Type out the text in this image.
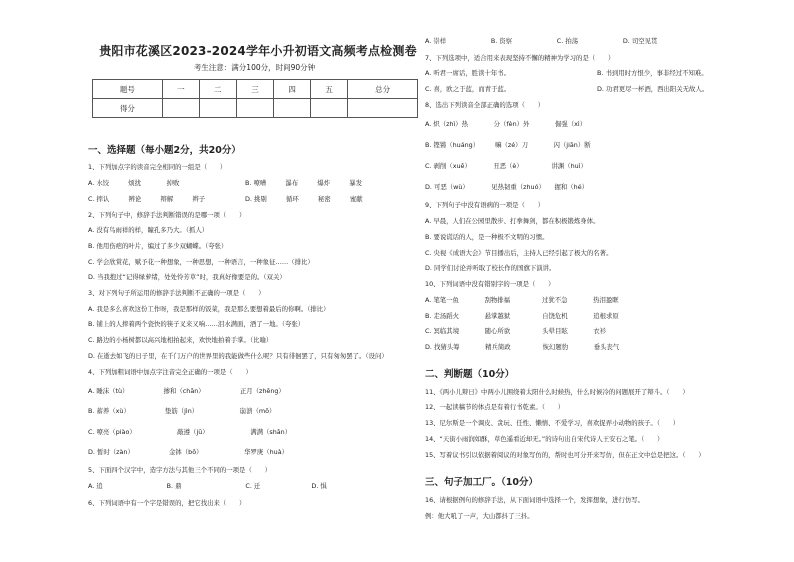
贵阳市花溪区2023-2024学年小升初语文高频考点检测卷
考生注意：满分100分，时间90分钟
题号	一	二	三	四	五	总分
得分						
一、选择题（每小题2分，共20分）
1、下列加点字的读音完全相同的一组是（　　）
A. 水饺　　　烦扰　　　　掉败	B. 嘹嘈　　　瀑布　　　爆炸　　　暴发
C. 摔认　　　辨论　　　辩解　　　辫子	D. 挑剔　　　循环　　　秘密　　　蜜献
2、下列句子中，修辞手法判断错误的是哪一项（　　）
A. 没有鸟雨祥的样，瞳孔多乃大。（抓人）
B. 他用伤疤的叶片，编过了多少双蝴蝶。（夸张）
C. 学会欣赏花，赋予花一种想象，一种思想，一种语言，一种象征……（排比）
D. 当我抱过“记得绿萝绪，处处怜芳草”时，我真好像要是的。（双关）
3、对下列句子所运用的修辞手法判断不正确的一项是（　　）
A. 我是多么喜欢这份工作呀，我是那样的饭菜，我是那么要想着最后的你啊。（排比）
B. 铺上的人摔着两个瓷快的筷子叉来又响……泪水满面，酒了一地。（夸张）
C. 路边的小杨树都以高兴地相拍起来，欢快地拍着手掌。（比喻）
D. 在逝去如飞的日子里，在千门万户的世界里的我能做些什么呢？只有徘徊罢了，只有匆匆罢了。（设问）
4、下列加粗词语中加点字注音完全正确的一项是（　　）
A. 睡沫（tù）　　　　　　掺和（chān）　　　　　　正月（zhēng）
B. 蓄养（xù）　　　　　　垫筋（jìn）　　　　　　　崩溃（mō）
C. 嘹亮（piào）　　　　　　　敲遵（jū）　　　　　　　满满（shān）
D. 暂时（zàn）　　　　　　金钵（bō）　　　　　　　华罗庚（huà）
5、下面四个汉字中，造字方法与其他三个不同的一项是（　　）
A. 追　　　　　　　　　　B. 鼎　　　　　　　　　　C. 迁　　　　　　　　D. 惧
6、下列词语中有一个字是错误的，把它找出来（　　）
A. 崇样　　　　　　　B. 资察　　　　　　　C. 拍荡　　　　　　　D. 司空见贯
7、下列选项中，适合用来表现坚持不懈的精神为学习的是（　　）
A. 听君一席话，胜读十年书。	B. 书到用时方恨少，事非经过不知难。
C. 喜，欧之于蓝，而青于蓝。	D. 功君更尽一杯酒，西出阳关无故人。
8、选出下列读音全部正确的选项（　　）
A. 炽（zhì）热　　　　分（fèn）外　　　　倔强（xì）
B. 铿锵（huáng）　　　嘛（zé）刀　　　　闪（jiān）断
C. 剥削（xuē）　　　　丑恶（è）　　　　　讲渊（huì）
D. 可恶（wù）　　　　见热韧重（zhuó）　　握和（hé）
9、下列句子中没有语病的一项是（　　）
A. 早晨，人们在公园里散步、打拳舞剑，都在积极锻炼身体。
B. 要说谎话的人，是一种极不文明的习惯。
C. 央视《成语大会》节目播出后，主持人已经引起了极大的名著。
D. 同学们讨论并听取了校长作的国旗下演讲。
10、下列词语中没有错别字的一项是（　　）
A. 笔笔一鱼　　　　刮物排福　　　　　过犹不急　　　　热泪盈眶
B. 走汤蹈火　　　　悬掌越狱　　　　　自饶危机　　　　追根求原
C. 冥临其境　　　　随心所欲　　　　　头晕目眩　　　　衣衫
D. 找猜头筹　　　　精兵简政　　　　　恢幻题豹　　　　垂头丧气
二、判断题（10分）
11、《两小儿辩日》中两小儿围绕着太阳什么时候热，什么时候冷的问题展开了辩斗。（　　）
12、一起读稿节的体点是有着行书乾素。（　　）
13、尼尔斯是一个调皮、贪玩、任性、懒惰、不爱学习，喜欢捉弄小动物的孩子。（　　）
14、“天街小雨润如酥，草色遥看近却无。”的诗句出自宋代诗人王安石之笔。（　　）
15、写着议书引以依据着阅议的对象写仿的，帮时也可分开来写仿，但在正文中总是把这。（　　）
三、句子加工厂。（10分）
16、请根据例句的修辞手法，从下面词语中选择一个，发挥想象，进行仿写。
例：他大吼了一声，大山都抖了三抖。
